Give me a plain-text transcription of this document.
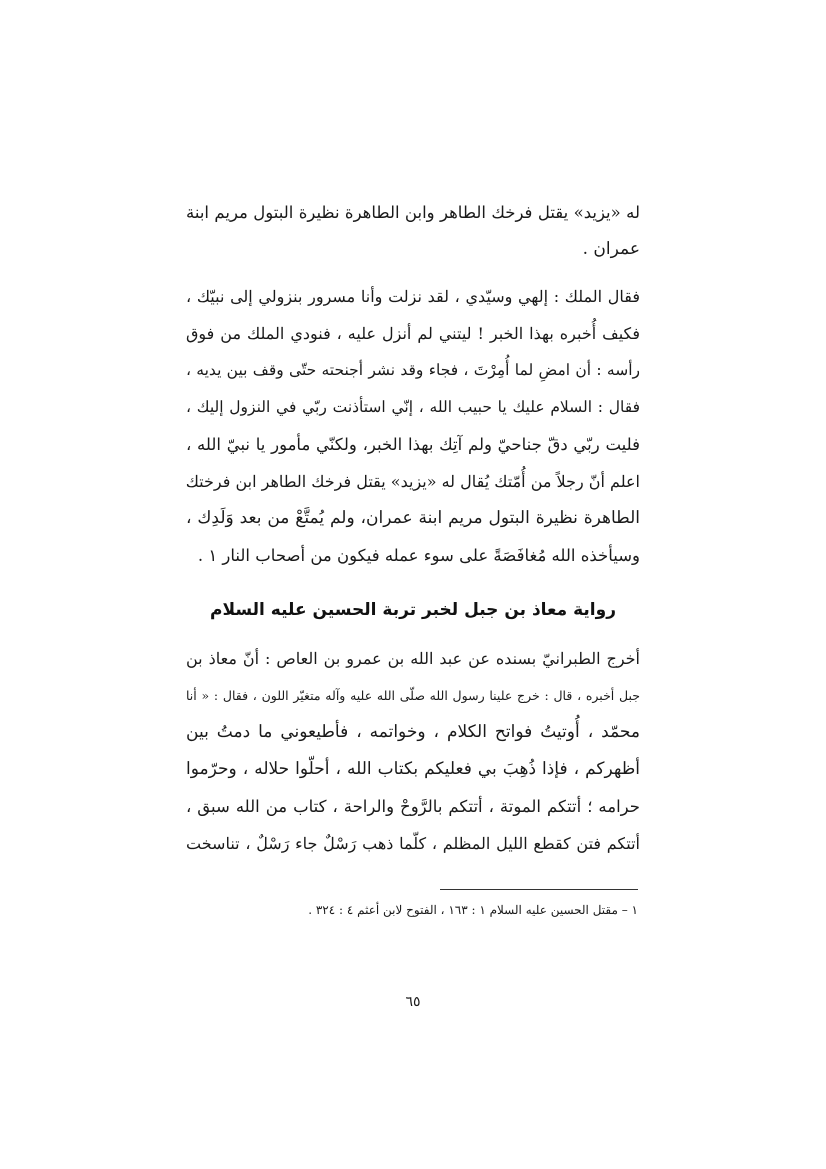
له «يزيد» يقتل فرخك الطاهر وابن الطاهرة نظيرة البتول مريم ابنة
عمران .
فقال الملك : إلهي وسيّدي ، لقد نزلت وأنا مسرور بنزولي إلى نبيّك ،
فكيف أُخبره بهذا الخبر ! ليتني لم أنزل عليه ، فنودي الملك من فوق
رأسه : أن امضِ لما أُمِرْتَ ، فجاء وقد نشر أجنحته حتّى وقف بين يديه ،
فقال : السلام عليك يا حبيب الله ، إنّي استأذنت ربّي في النزول إليك ،
فليت ربّي دقّ جناحيّ ولم آتِك بهذا الخبر، ولكنّي مأمور يا نبيّ الله ،
اعلم أنّ رجلاً من أُمّتك يُقال له «يزيد» يقتل فرخك الطاهر ابن فرختك
الطاهرة نظيرة البتول مريم ابنة عمران، ولم يُمتَّعْ من بعد وَلَدِك ،
وسيأخذه الله مُغافَصَةً على سوء عمله فيكون من أصحاب النار ١ .
رواية معاذ بن جبل لخبر تربة الحسين عليه السلام
أخرج الطبرانيّ بسنده عن عبد الله بن عمرو بن العاص : أنّ معاذ بن
جبل أخبره ، قال : خرج علينا رسول الله صلّى الله عليه وآله متغيّر اللون ، فقال : « أنا
محمّد ، أُوتيتُ فواتح الكلام ، وخواتمه ، فأطيعوني ما دمتُ بين
أظهركم ، فإذا ذُهِبَ بي فعليكم بكتاب الله ، أحلّوا حلاله ، وحرّموا
حرامه ؛ أتتكم الموتة ، أتتكم بالرَّوحْ والراحة ، كتاب من الله سبق ،
أتتكم فتن كقطع الليل المظلم ، كلّما ذهب رَسْلٌ جاء رَسْلٌ ، تناسخت
١ – مقتل الحسين عليه السلام ١ : ١٦٣ ، الفتوح لابن أعثم ٤ : ٣٢٤ .
٦٥
